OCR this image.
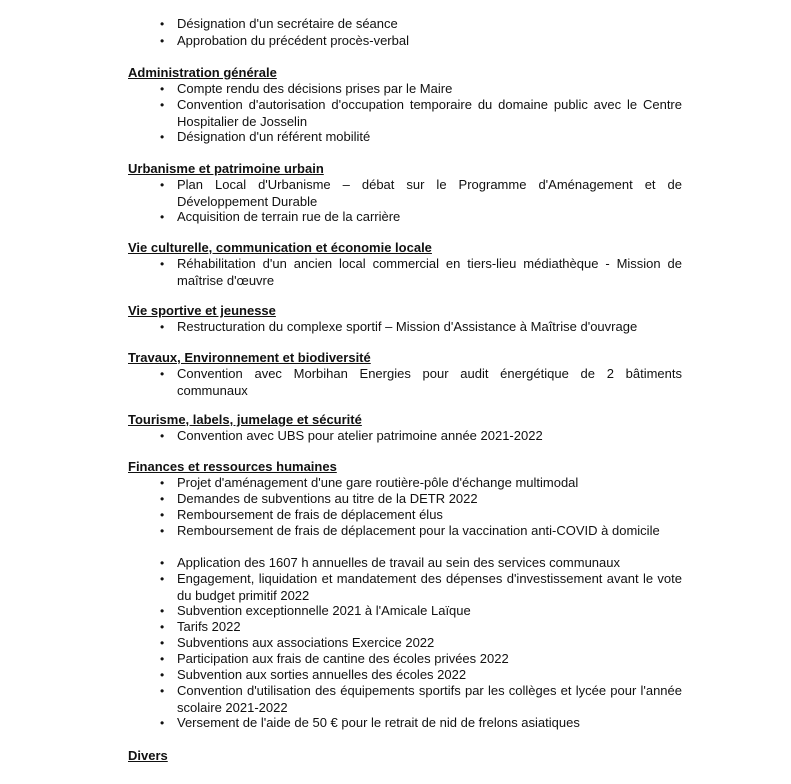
• Désignation d'un secrétaire de séance

• Approbation du précédent procès-verbal

Administration générale

• Compte rendu des décisions prises par le Maire

• Convention d'autorisation d'occupation temporaire du domaine public avec le Centre Hospitalier de Josselin

• Désignation d'un référent mobilité

Urbanisme et patrimoine urbain

• Plan Local d'Urbanisme – débat sur le Programme d'Aménagement et de Développement Durable

• Acquisition de terrain rue de la carrière

Vie culturelle, communication et économie locale

• Réhabilitation d'un ancien local commercial en tiers-lieu médiathèque - Mission de maîtrise d'œuvre

Vie sportive et jeunesse

• Restructuration du complexe sportif – Mission d'Assistance à Maîtrise d'ouvrage

Travaux, Environnement et biodiversité

• Convention avec Morbihan Energies pour audit énergétique de 2 bâtiments communaux

Tourisme, labels, jumelage et sécurité

• Convention avec UBS pour atelier patrimoine année 2021-2022

Finances et ressources humaines

• Projet d'aménagement d'une gare routière-pôle d'échange multimodal

• Demandes de subventions au titre de la DETR 2022

• Remboursement de frais de déplacement élus

• Remboursement de frais de déplacement pour la vaccination anti-COVID à domicile

• Application des 1607 h annuelles de travail au sein des services communaux

• Engagement, liquidation et mandatement des dépenses d'investissement avant le vote du budget primitif 2022

• Subvention exceptionnelle 2021 à l'Amicale Laïque

• Tarifs 2022

• Subventions aux associations Exercice 2022

• Participation aux frais de cantine des écoles privées 2022

• Subvention aux sorties annuelles des écoles 2022

• Convention d'utilisation des équipements sportifs par les collèges et lycée pour l'année scolaire 2021-2022

• Versement de l'aide de 50 € pour le retrait de nid de frelons asiatiques

Divers
